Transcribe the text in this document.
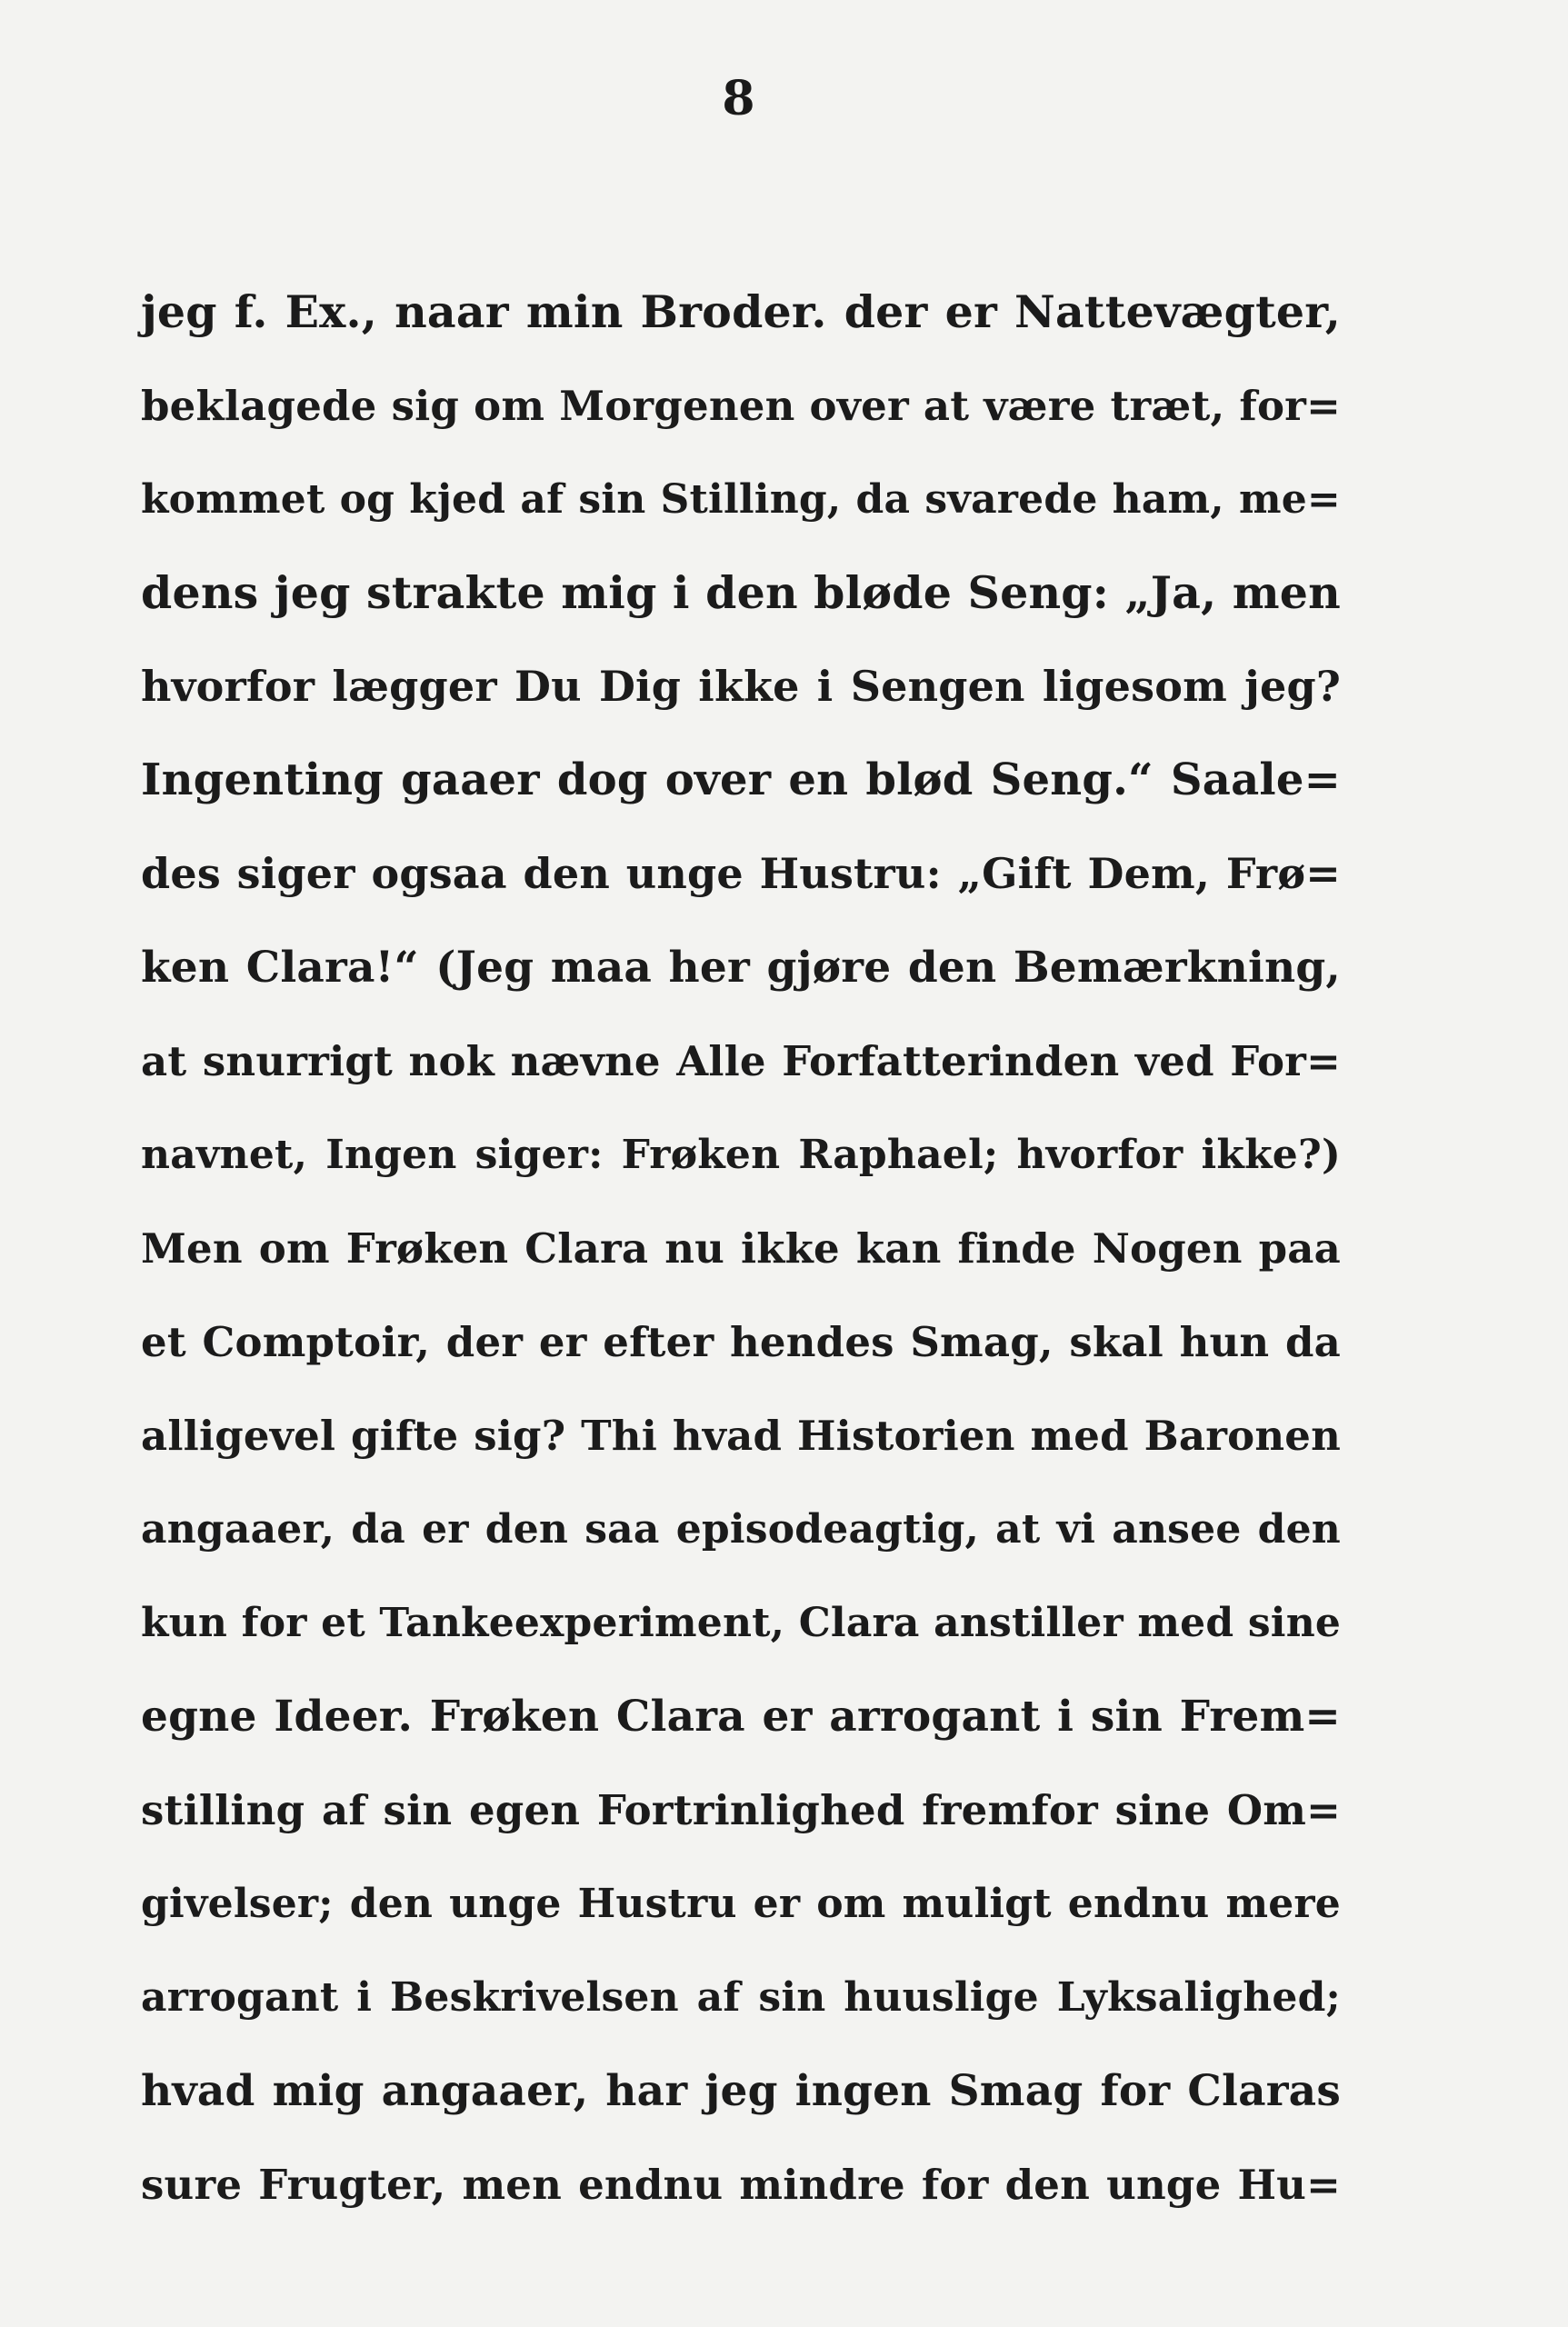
8
jeg f. Ex., naar min Broder. der er Nattevægter,
beklagede sig om Morgenen over at være træt, for=
kommet og kjed af sin Stilling, da svarede ham, me=
dens jeg strakte mig i den bløde Seng: „Ja, men
hvorfor lægger Du Dig ikke i Sengen ligesom jeg?
Ingenting gaaer dog over en blød Seng.“ Saale=
des siger ogsaa den unge Hustru: „Gift Dem, Frø=
ken Clara!“ (Jeg maa her gjøre den Bemærkning,
at snurrigt nok nævne Alle Forfatterinden ved For=
navnet, Ingen siger: Frøken Raphael; hvorfor ikke?)
Men om Frøken Clara nu ikke kan finde Nogen paa
et Comptoir, der er efter hendes Smag, skal hun da
alligevel gifte sig? Thi hvad Historien med Baronen
angaaer, da er den saa episodeagtig, at vi ansee den
kun for et Tankeexperiment, Clara anstiller med sine
egne Ideer. Frøken Clara er arrogant i sin Frem=
stilling af sin egen Fortrinlighed fremfor sine Om=
givelser; den unge Hustru er om muligt endnu mere
arrogant i Beskrivelsen af sin huuslige Lyksalighed;
hvad mig angaaer, har jeg ingen Smag for Claras
sure Frugter, men endnu mindre for den unge Hu=
